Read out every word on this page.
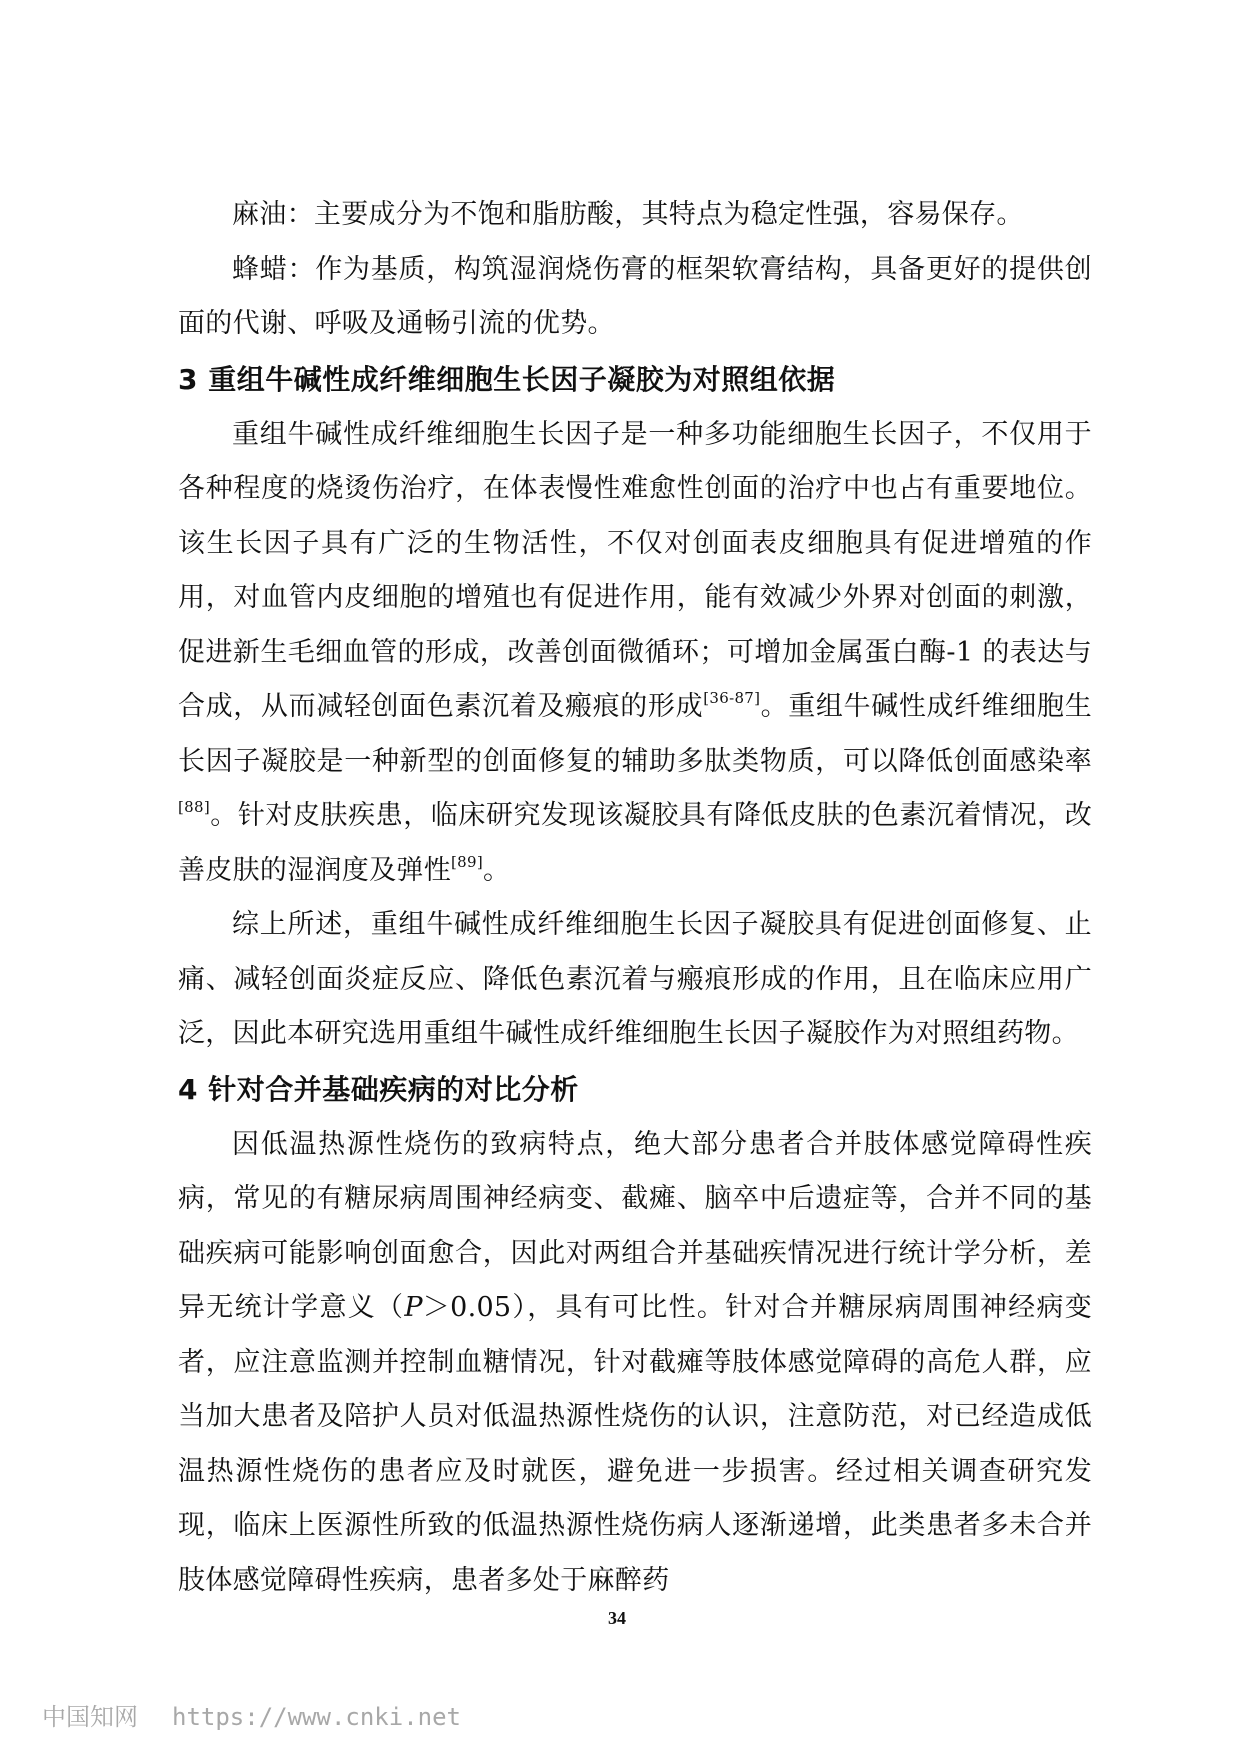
麻油：主要成分为不饱和脂肪酸，其特点为稳定性强，容易保存。

蜂蜡：作为基质，构筑湿润烧伤膏的框架软膏结构，具备更好的提供创面的代谢、呼吸及通畅引流的优势。

3 重组牛碱性成纤维细胞生长因子凝胶为对照组依据

重组牛碱性成纤维细胞生长因子是一种多功能细胞生长因子，不仅用于各种程度的烧烫伤治疗，在体表慢性难愈性创面的治疗中也占有重要地位。该生长因子具有广泛的生物活性，不仅对创面表皮细胞具有促进增殖的作用，对血管内皮细胞的增殖也有促进作用，能有效减少外界对创面的刺激，促进新生毛细血管的形成，改善创面微循环；可增加金属蛋白酶-1 的表达与合成，从而减轻创面色素沉着及瘢痕的形成[36-87]。重组牛碱性成纤维细胞生长因子凝胶是一种新型的创面修复的辅助多肽类物质，可以降低创面感染率[88]。针对皮肤疾患，临床研究发现该凝胶具有降低皮肤的色素沉着情况，改善皮肤的湿润度及弹性[89]。

综上所述，重组牛碱性成纤维细胞生长因子凝胶具有促进创面修复、止痛、减轻创面炎症反应、降低色素沉着与瘢痕形成的作用，且在临床应用广泛，因此本研究选用重组牛碱性成纤维细胞生长因子凝胶作为对照组药物。

4 针对合并基础疾病的对比分析

因低温热源性烧伤的致病特点，绝大部分患者合并肢体感觉障碍性疾病，常见的有糖尿病周围神经病变、截瘫、脑卒中后遗症等，合并不同的基础疾病可能影响创面愈合，因此对两组合并基础疾情况进行统计学分析，差异无统计学意义（P＞0.05），具有可比性。针对合并糖尿病周围神经病变者，应注意监测并控制血糖情况，针对截瘫等肢体感觉障碍的高危人群，应当加大患者及陪护人员对低温热源性烧伤的认识，注意防范，对已经造成低温热源性烧伤的患者应及时就医，避免进一步损害。经过相关调查研究发现，临床上医源性所致的低温热源性烧伤病人逐渐递增，此类患者多未合并肢体感觉障碍性疾病，患者多处于麻醉药

34
中国知网 https://www.cnki.net
